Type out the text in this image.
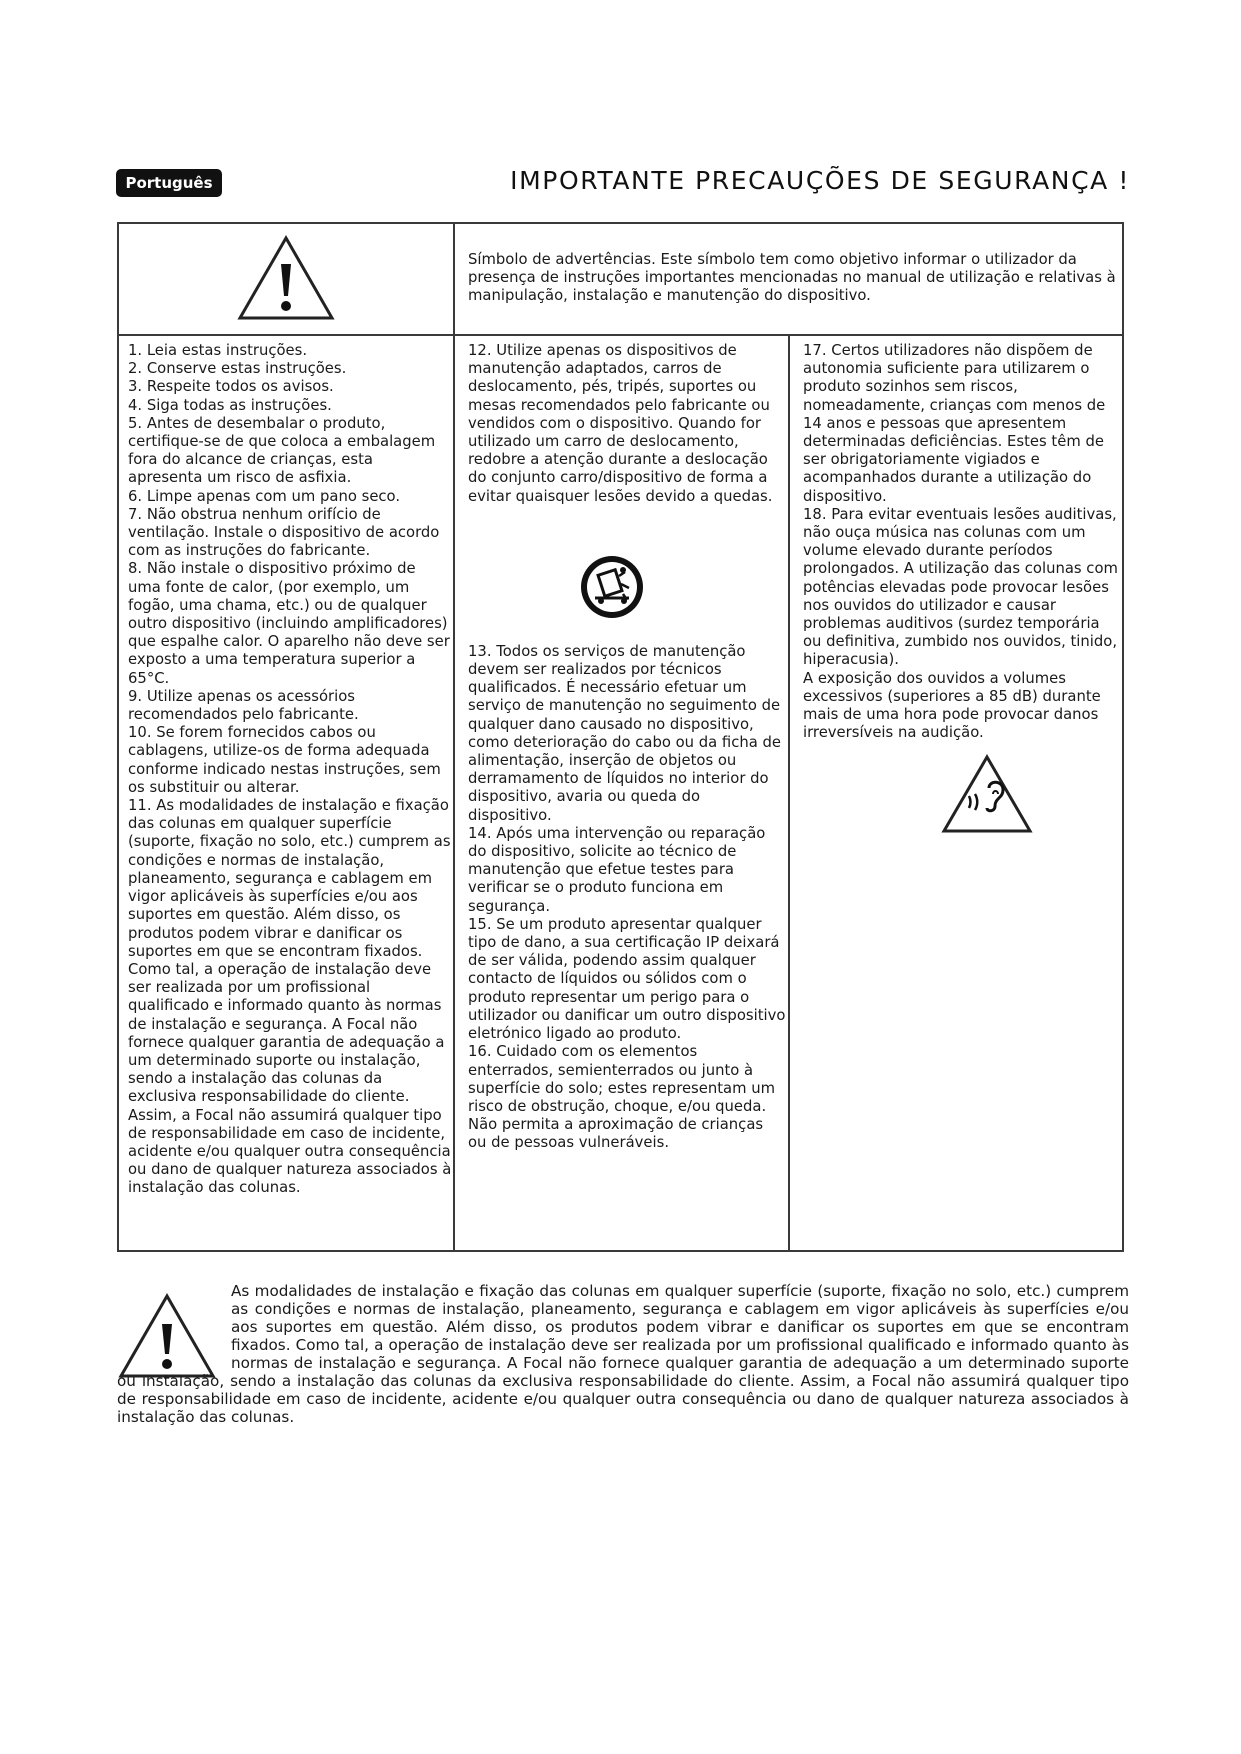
Português	IMPORTANTE PRECAUÇÕES DE SEGURANÇA !
Símbolo de advertências. Este símbolo tem como objetivo informar o utilizador da presença de instruções importantes mencionadas no manual de utilização e relativas à manipulação, instalação e manutenção do dispositivo.

1. Leia estas instruções.

2. Conserve estas instruções.

3. Respeite todos os avisos.

4. Siga todas as instruções.

5. Antes de desembalar o produto, certifique-se de que coloca a embalagem fora do alcance de crianças, esta apresenta um risco de asfixia.

6. Limpe apenas com um pano seco.

7. Não obstrua nenhum orifício de ventilação. Instale o dispositivo de acordo com as instruções do fabricante.

8. Não instale o dispositivo próximo de uma fonte de calor, (por exemplo, um fogão, uma chama, etc.) ou de qualquer outro dispositivo (incluindo amplificadores) que espalhe calor. O aparelho não deve ser exposto a uma temperatura superior a 65°C.

9. Utilize apenas os acessórios recomendados pelo fabricante.

10. Se forem fornecidos cabos ou cablagens, utilize-os de forma adequada conforme indicado nestas instruções, sem os substituir ou alterar.

11. As modalidades de instalação e fixação das colunas em qualquer superfície (suporte, fixação no solo, etc.) cumprem as condições e normas de instalação, planeamento, segurança e cablagem em vigor aplicáveis às superfícies e/ou aos suportes em questão. Além disso, os produtos podem vibrar e danificar os suportes em que se encontram fixados. Como tal, a operação de instalação deve ser realizada por um profissional qualificado e informado quanto às normas de instalação e segurança. A Focal não fornece qualquer garantia de adequação a um determinado suporte ou instalação, sendo a instalação das colunas da exclusiva responsabilidade do cliente. Assim, a Focal não assumirá qualquer tipo de responsabilidade em caso de incidente, acidente e/ou qualquer outra consequência ou dano de qualquer natureza associados à instalação das colunas.

12. Utilize apenas os dispositivos de manutenção adaptados, carros de deslocamento, pés, tripés, suportes ou mesas recomendados pelo fabricante ou vendidos com o dispositivo. Quando for utilizado um carro de deslocamento, redobre a atenção durante a deslocação do conjunto carro/dispositivo de forma a evitar quaisquer lesões devido a quedas.

13. Todos os serviços de manutenção devem ser realizados por técnicos qualificados. É necessário efetuar um serviço de manutenção no seguimento de qualquer dano causado no dispositivo, como deterioração do cabo ou da ficha de alimentação, inserção de objetos ou derramamento de líquidos no interior do dispositivo, avaria ou queda do dispositivo.

14. Após uma intervenção ou reparação do dispositivo, solicite ao técnico de manutenção que efetue testes para verificar se o produto funciona em segurança.

15. Se um produto apresentar qualquer tipo de dano, a sua certificação IP deixará de ser válida, podendo assim qualquer contacto de líquidos ou sólidos com o produto representar um perigo para o utilizador ou danificar um outro dispositivo eletrónico ligado ao produto.

16. Cuidado com os elementos enterrados, semienterrados ou junto à superfície do solo; estes representam um risco de obstrução, choque, e/ou queda. Não permita a aproximação de crianças ou de pessoas vulneráveis.

17. Certos utilizadores não dispõem de autonomia suficiente para utilizarem o produto sozinhos sem riscos, nomeadamente, crianças com menos de 14 anos e pessoas que apresentem determinadas deficiências. Estes têm de ser obrigatoriamente vigiados e acompanhados durante a utilização do dispositivo.

18. Para evitar eventuais lesões auditivas, não ouça música nas colunas com um volume elevado durante períodos prolongados. A utilização das colunas com potências elevadas pode provocar lesões nos ouvidos do utilizador e causar problemas auditivos (surdez temporária ou definitiva, zumbido nos ouvidos, tinido, hiperacusia).

A exposição dos ouvidos a volumes excessivos (superiores a 85 dB) durante mais de uma hora pode provocar danos irreversíveis na audição.

As modalidades de instalação e fixação das colunas em qualquer superfície (suporte, fixação no solo, etc.) cumprem as condições e normas de instalação, planeamento, segurança e cablagem em vigor aplicáveis às superfícies e/ou aos suportes em questão. Além disso, os produtos podem vibrar e danificar os suportes em que se encontram fixados. Como tal, a operação de instalação deve ser realizada por um profissional qualificado e informado quanto às normas de instalação e segurança. A Focal não fornece qualquer garantia de adequação a um determinado suporte ou instalação, sendo a instalação das colunas da exclusiva responsabilidade do cliente. Assim, a Focal não assumirá qualquer tipo de responsabilidade em caso de incidente, acidente e/ou qualquer outra consequência ou dano de qualquer natureza associados à instalação das colunas.
